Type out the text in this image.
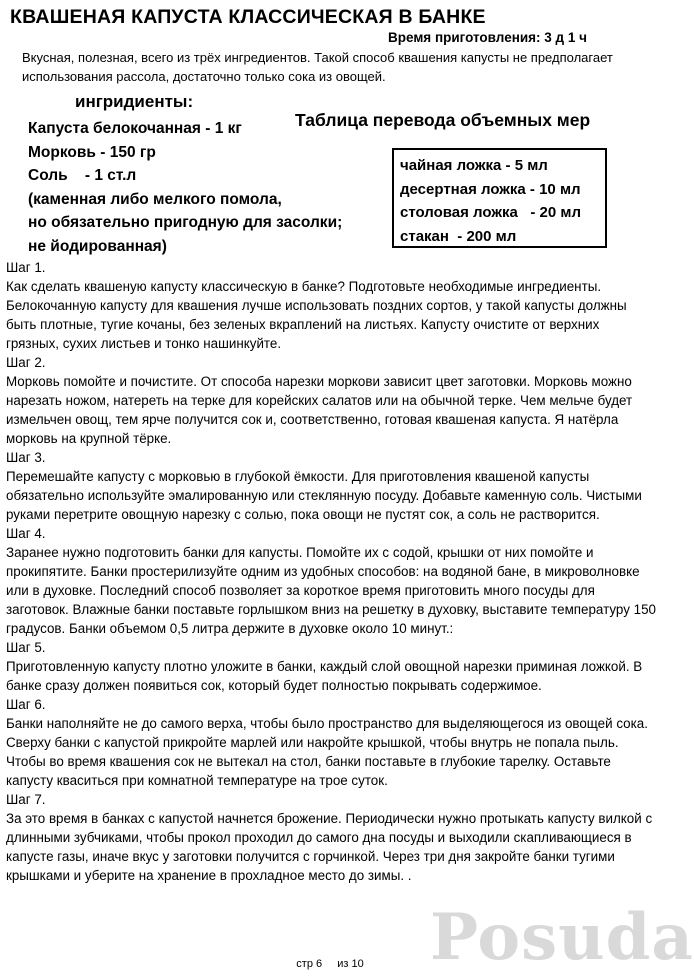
КВАШЕНАЯ КАПУСТА КЛАССИЧЕСКАЯ В БАНКЕ
Время приготовления: 3 д 1 ч
Вкусная, полезная, всего из трёх ингредиентов. Такой способ квашения капусты не предполагает использования рассола, достаточно только сока из овощей.
ингридиенты:
Капуста белокочанная - 1 кг
Морковь - 150 гр
Соль    - 1 ст.л
(каменная либо мелкого помола,
но обязательно пригодную для засолки;
не йодированная)
Таблица перевода объемных мер
чайная ложка - 5 мл
десертная ложка - 10 мл
столовая ложка   - 20 мл
стакан  - 200 мл
Шаг 1.
Как сделать квашеную капусту классическую в банке? Подготовьте необходимые ингредиенты. Белокочанную капусту для квашения лучше использовать поздних сортов, у такой капусты должны быть плотные, тугие кочаны, без зеленых вкраплений на листьях. Капусту очистите от верхних грязных, сухих листьев и тонко нашинкуйте.
Шаг 2.
Морковь помойте и почистите. От способа нарезки моркови зависит цвет заготовки. Морковь можно нарезать ножом, натереть на терке для корейских салатов или на обычной терке. Чем мельче будет измельчен овощ, тем ярче получится сок и, соответственно, готовая квашеная капуста. Я натёрла морковь на крупной тёрке.
Шаг 3.
Перемешайте капусту с морковью в глубокой ёмкости. Для приготовления квашеной капусты обязательно используйте эмалированную или стеклянную посуду. Добавьте каменную соль. Чистыми руками перетрите овощную нарезку с солью, пока овощи не пустят сок, а соль не растворится.
Шаг 4.
Заранее нужно подготовить банки для капусты. Помойте их с содой, крышки от них помойте и прокипятите. Банки простерилизуйте одним из удобных способов: на водяной бане, в микроволновке или в духовке. Последний способ позволяет за короткое время приготовить много посуды для заготовок. Влажные банки поставьте горлышком вниз на решетку в духовку, выставите температуру 150 градусов. Банки объемом 0,5 литра держите в духовке около 10 минут.:
Шаг 5.
Приготовленную капусту плотно уложите в банки, каждый слой овощной нарезки приминая ложкой. В банке сразу должен появиться сок, который будет полностью покрывать содержимое.
Шаг 6.
Банки наполняйте не до самого верха, чтобы было пространство для выделяющегося из овощей сока. Сверху банки с капустой прикройте марлей или накройте крышкой, чтобы внутрь не попала пыль. Чтобы во время квашения сок не вытекал на стол, банки поставьте в глубокие тарелку. Оставьте капусту кваситься при комнатной температуре на трое суток.
Шаг 7.
За это время в банках с капустой начнется брожение. Периодически нужно протыкать капусту вилкой с длинными зубчиками, чтобы прокол проходил до самого дна посуды и выходили скапливающиеся в капусте газы, иначе вкус у заготовки получится с горчинкой. Через три дня закройте банки тугими крышками и уберите на хранение в прохладное место до зимы. .
Posuda
стр 6 из 10
